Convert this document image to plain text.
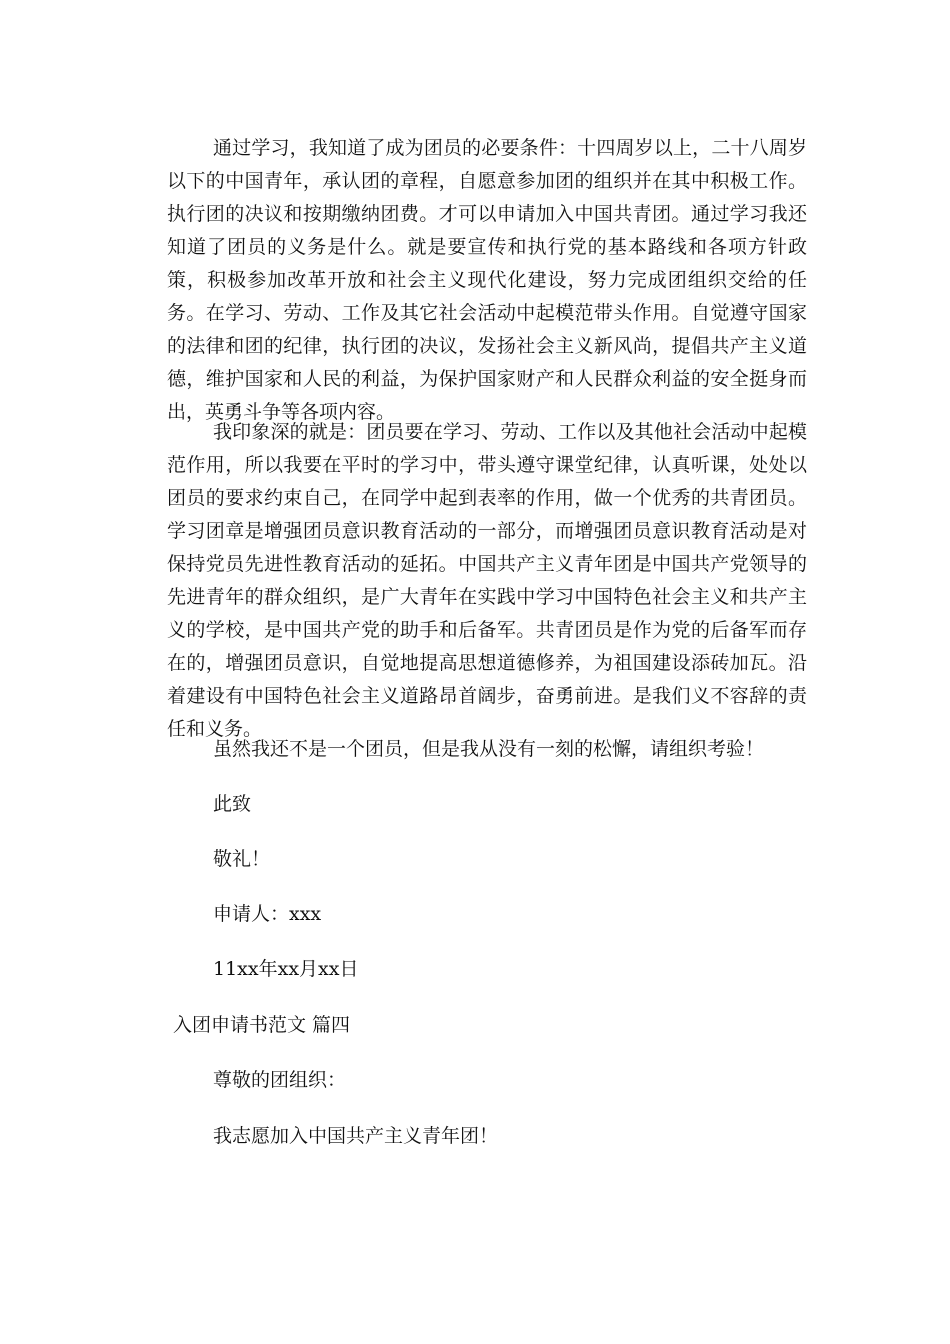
通过学习，我知道了成为团员的必要条件：十四周岁以上，二十八周岁以下的中国青年，承认团的章程，自愿意参加团的组织并在其中积极工作。执行团的决议和按期缴纳团费。才可以申请加入中国共青团。通过学习我还知道了团员的义务是什么。就是要宣传和执行党的基本路线和各项方针政策，积极参加改革开放和社会主义现代化建设，努力完成团组织交给的任务。在学习、劳动、工作及其它社会活动中起模范带头作用。自觉遵守国家的法律和团的纪律，执行团的决议，发扬社会主义新风尚，提倡共产主义道德，维护国家和人民的利益，为保护国家财产和人民群众利益的安全挺身而出，英勇斗争等各项内容。

我印象深的就是：团员要在学习、劳动、工作以及其他社会活动中起模范作用，所以我要在平时的学习中，带头遵守课堂纪律，认真听课，处处以团员的要求约束自己，在同学中起到表率的作用，做一个优秀的共青团员。学习团章是增强团员意识教育活动的一部分，而增强团员意识教育活动是对保持党员先进性教育活动的延拓。中国共产主义青年团是中国共产党领导的先进青年的群众组织，是广大青年在实践中学习中国特色社会主义和共产主义的学校，是中国共产党的助手和后备军。共青团员是作为党的后备军而存在的，增强团员意识，自觉地提高思想道德修养，为祖国建设添砖加瓦。沿着建设有中国特色社会主义道路昂首阔步，奋勇前进。是我们义不容辞的责任和义务。

虽然我还不是一个团员，但是我从没有一刻的松懈，请组织考验！

此致

敬礼！

申请人：xxx

11xx年xx月xx日

入团申请书范文 篇四

尊敬的团组织：

我志愿加入中国共产主义青年团！
